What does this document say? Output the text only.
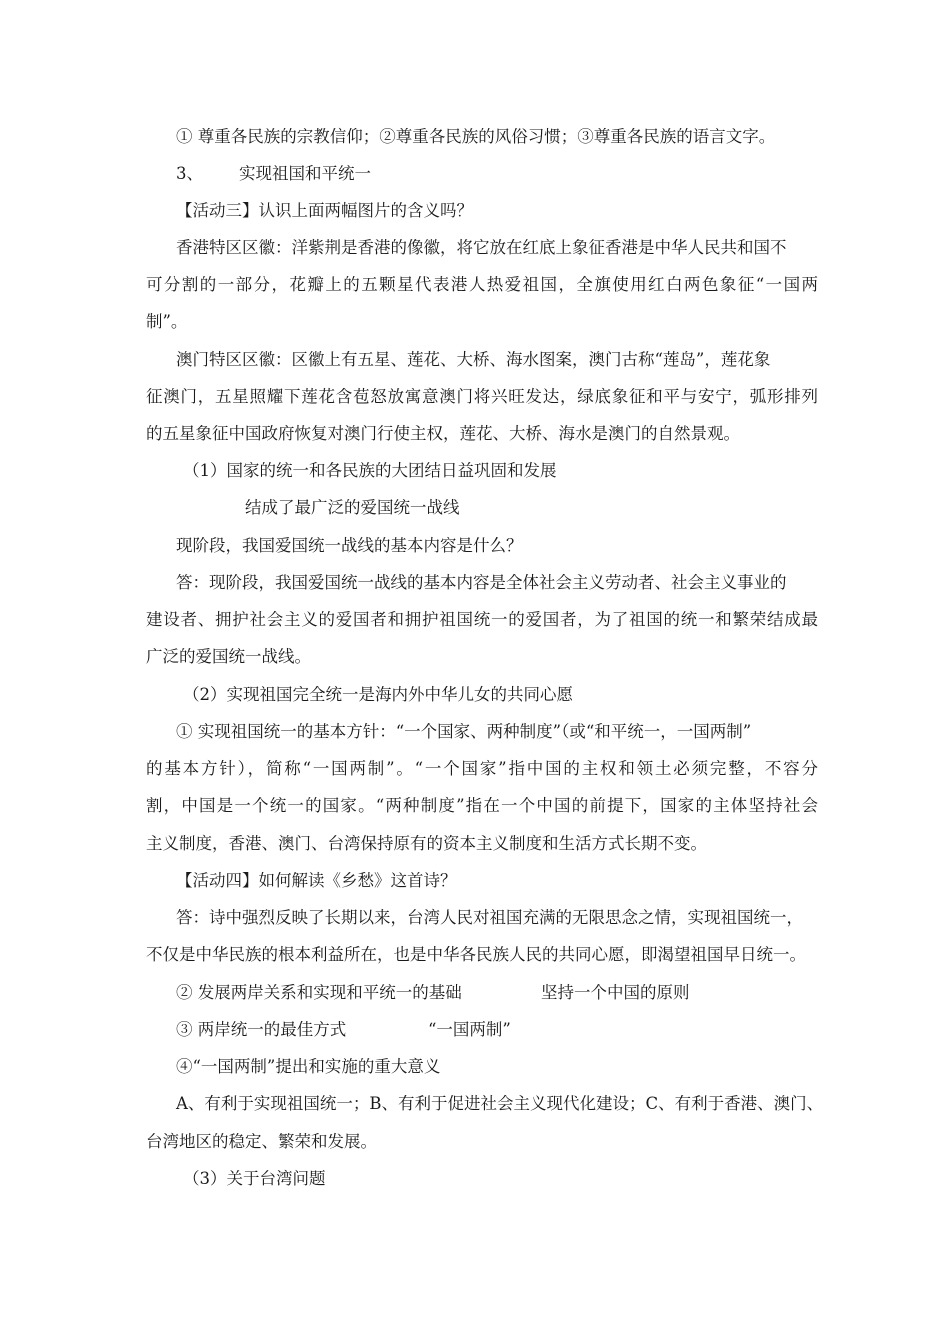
① 尊重各民族的宗教信仰；②尊重各民族的风俗习惯；③尊重各民族的语言文字。
3、 实现祖国和平统一
【活动三】认识上面两幅图片的含义吗？
香港特区区徽：洋紫荆是香港的像徽，将它放在红底上象征香港是中华人民共和国不
可分割的一部分，花瓣上的五颗星代表港人热爱祖国，全旗使用红白两色象征“一国两
制”。
澳门特区区徽：区徽上有五星、莲花、大桥、海水图案，澳门古称“莲岛”，莲花象
征澳门，五星照耀下莲花含苞怒放寓意澳门将兴旺发达，绿底象征和平与安宁，弧形排列
的五星象征中国政府恢复对澳门行使主权，莲花、大桥、海水是澳门的自然景观。
（1）国家的统一和各民族的大团结日益巩固和发展
结成了最广泛的爱国统一战线
现阶段，我国爱国统一战线的基本内容是什么？
答：现阶段，我国爱国统一战线的基本内容是全体社会主义劳动者、社会主义事业的
建设者、拥护社会主义的爱国者和拥护祖国统一的爱国者，为了祖国的统一和繁荣结成最
广泛的爱国统一战线。
（2）实现祖国完全统一是海内外中华儿女的共同心愿
① 实现祖国统一的基本方针：“一个国家、两种制度”（或“和平统一，一国两制”
的基本方针），简称“一国两制”。“一个国家”指中国的主权和领土必须完整，不容分
割，中国是一个统一的国家。“两种制度”指在一个中国的前提下，国家的主体坚持社会
主义制度，香港、澳门、台湾保持原有的资本主义制度和生活方式长期不变。
【活动四】如何解读《乡愁》这首诗？
答：诗中强烈反映了长期以来，台湾人民对祖国充满的无限思念之情，实现祖国统一，
不仅是中华民族的根本利益所在，也是中华各民族人民的共同心愿，即渴望祖国早日统一。
② 发展两岸关系和实现和平统一的基础	坚持一个中国的原则
③ 两岸统一的最佳方式	“一国两制”
④“一国两制”提出和实施的重大意义
A、有利于实现祖国统一；B、有利于促进社会主义现代化建设；C、有利于香港、澳门、
台湾地区的稳定、繁荣和发展。
（3）关于台湾问题
